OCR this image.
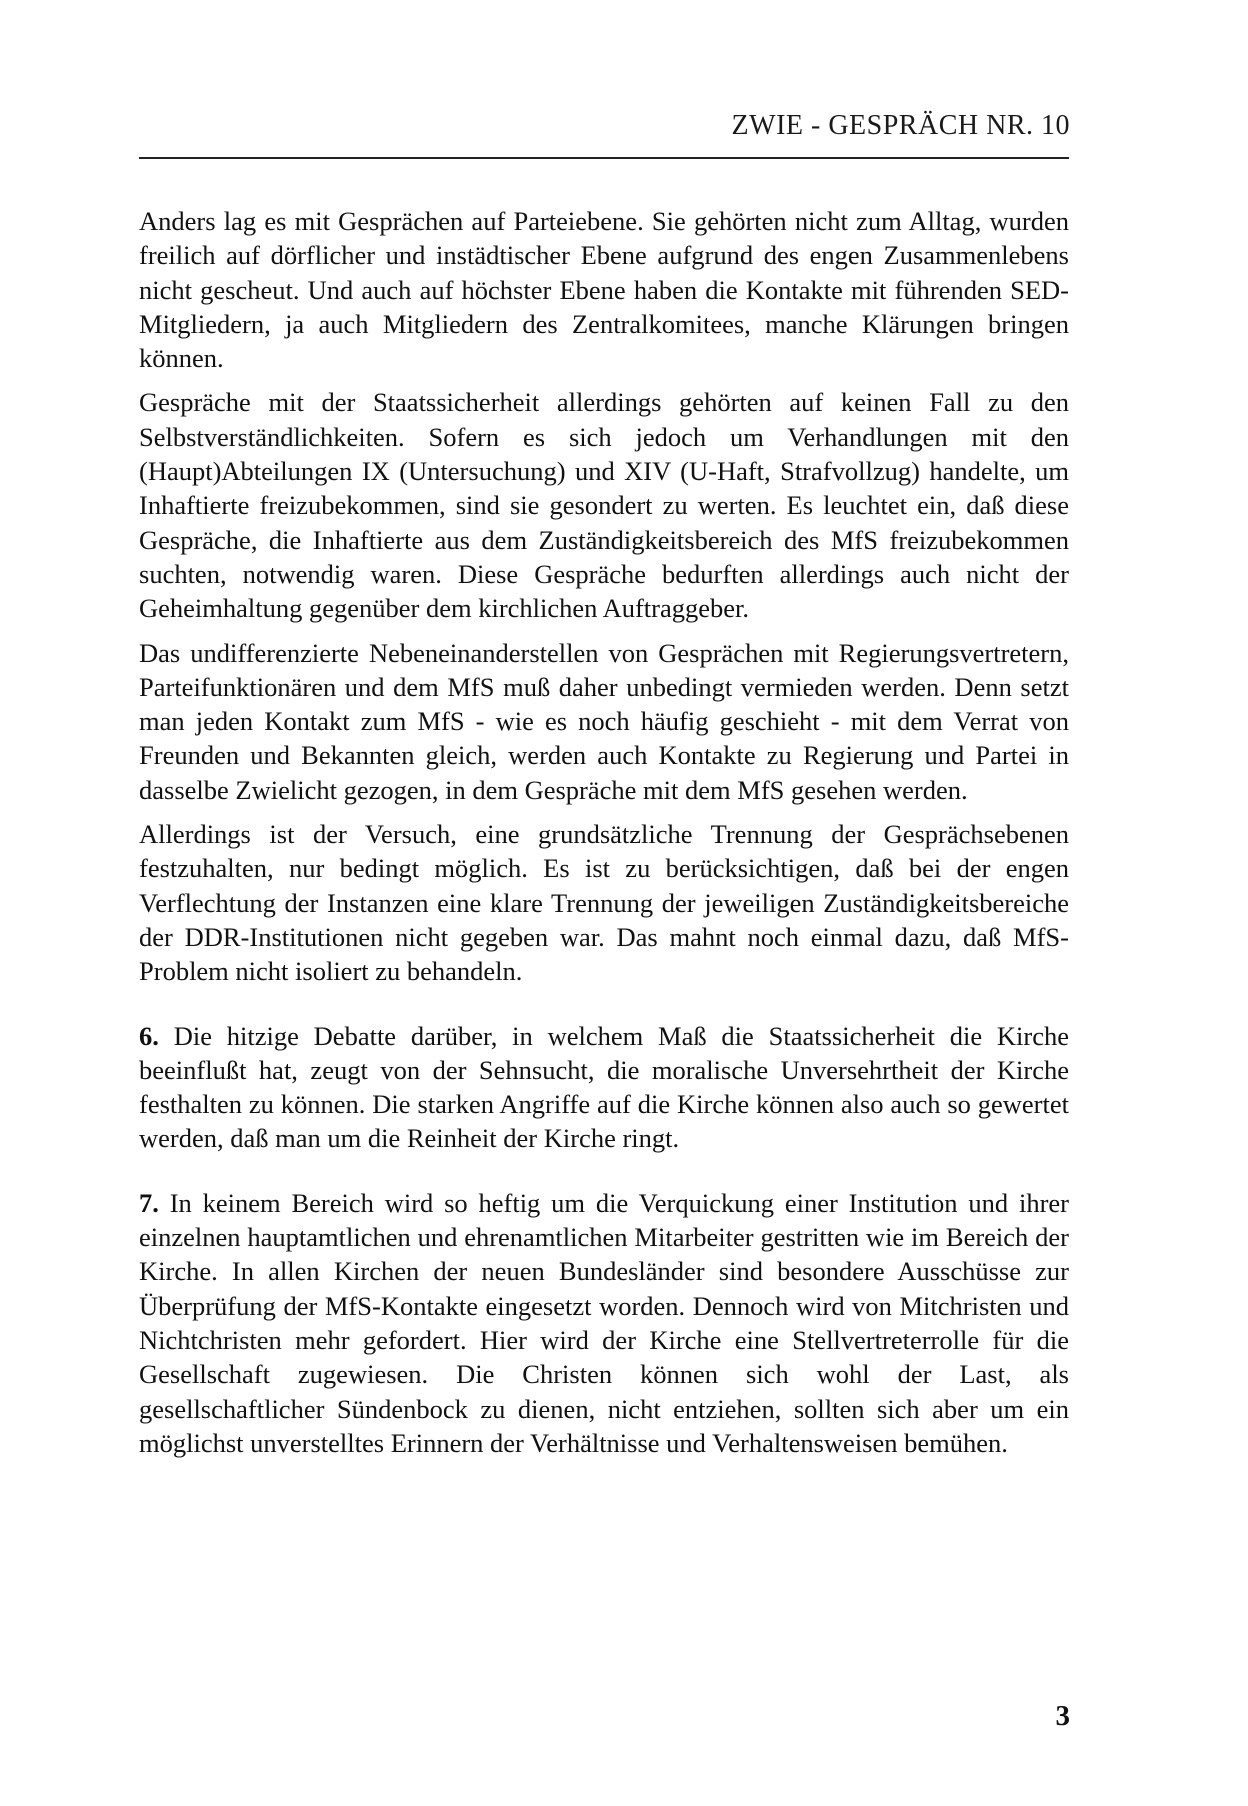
ZWIE - GESPRÄCH NR. 10

Anders lag es mit Gesprächen auf Parteiebene. Sie gehörten nicht zum Alltag, wurden freilich auf dörflicher und instädtischer Ebene aufgrund des engen Zusammenlebens nicht gescheut. Und auch auf höchster Ebene haben die Kontakte mit führenden SED-Mitgliedern, ja auch Mitgliedern des Zentralkomitees, manche Klärungen bringen können.

Gespräche mit der Staatssicherheit allerdings gehörten auf keinen Fall zu den Selbstverständlichkeiten. Sofern es sich jedoch um Verhandlungen mit den (Haupt)Abteilungen IX (Untersuchung) und XIV (U-Haft, Strafvollzug) handelte, um Inhaftierte freizubekommen, sind sie gesondert zu werten. Es leuchtet ein, daß diese Gespräche, die Inhaftierte aus dem Zuständigkeitsbereich des MfS freizubekommen suchten, notwendig waren. Diese Gespräche bedurften allerdings auch nicht der Geheimhaltung gegenüber dem kirchlichen Auftraggeber.

Das undifferenzierte Nebeneinanderstellen von Gesprächen mit Regierungsvertretern, Parteifunktionären und dem MfS muß daher unbedingt vermieden werden. Denn setzt man jeden Kontakt zum MfS - wie es noch häufig geschieht - mit dem Verrat von Freunden und Bekannten gleich, werden auch Kontakte zu Regierung und Partei in dasselbe Zwielicht gezogen, in dem Gespräche mit dem MfS gesehen werden.

Allerdings ist der Versuch, eine grundsätzliche Trennung der Gesprächsebenen festzuhalten, nur bedingt möglich. Es ist zu berücksichtigen, daß bei der engen Verflechtung der Instanzen eine klare Trennung der jeweiligen Zuständigkeitsbereiche der DDR-Institutionen nicht gegeben war. Das mahnt noch einmal dazu, daß MfS-Problem nicht isoliert zu behandeln.

6. Die hitzige Debatte darüber, in welchem Maß die Staatssicherheit die Kirche beeinflußt hat, zeugt von der Sehnsucht, die moralische Unversehrtheit der Kirche festhalten zu können. Die starken Angriffe auf die Kirche können also auch so gewertet werden, daß man um die Reinheit der Kirche ringt.

7. In keinem Bereich wird so heftig um die Verquickung einer Institution und ihrer einzelnen hauptamtlichen und ehrenamtlichen Mitarbeiter gestritten wie im Bereich der Kirche. In allen Kirchen der neuen Bundesländer sind besondere Ausschüsse zur Überprüfung der MfS-Kontakte eingesetzt worden. Dennoch wird von Mitchristen und Nichtchristen mehr gefordert. Hier wird der Kirche eine Stellvertreterrolle für die Gesellschaft zugewiesen. Die Christen können sich wohl der Last, als gesellschaftlicher Sündenbock zu dienen, nicht entziehen, sollten sich aber um ein möglichst unverstelltes Erinnern der Verhältnisse und Verhaltensweisen bemühen.

3
